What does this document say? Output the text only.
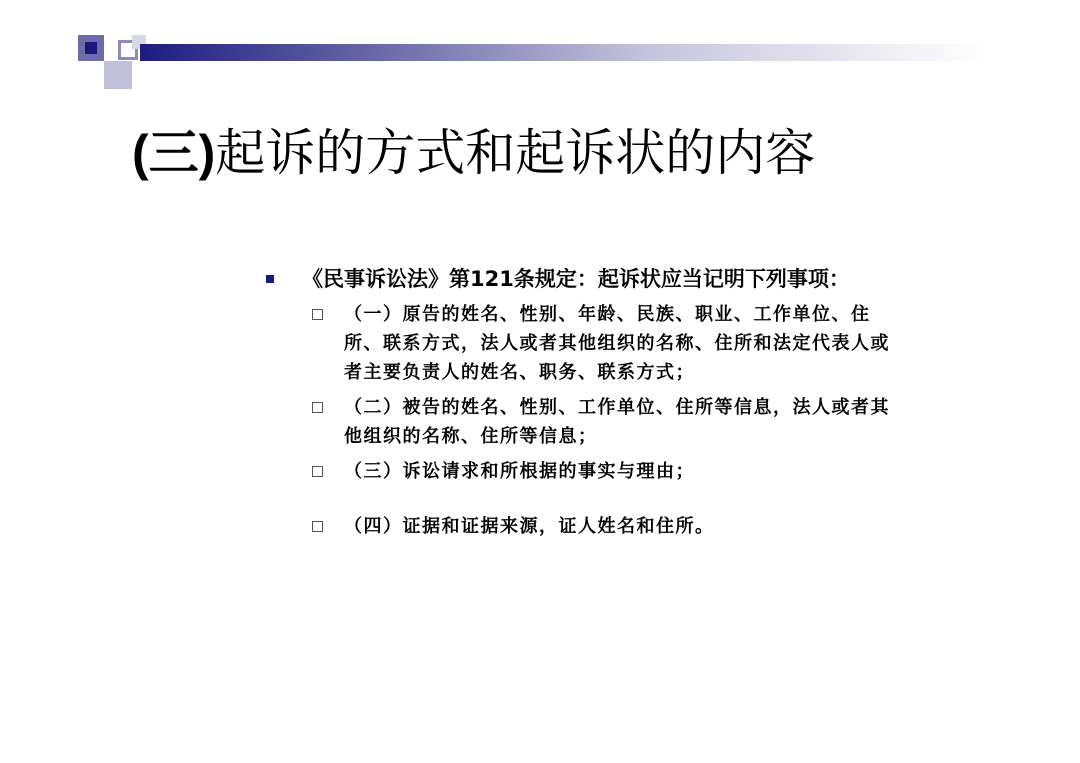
(三)起诉的方式和起诉状的内容
《民事诉讼法》第121条规定：起诉状应当记明下列事项：
（一）原告的姓名、性别、年龄、民族、职业、工作单位、住所、联系方式，法人或者其他组织的名称、住所和法定代表人或者主要负责人的姓名、职务、联系方式；
（二）被告的姓名、性别、工作单位、住所等信息，法人或者其他组织的名称、住所等信息；
（三）诉讼请求和所根据的事实与理由；
（四）证据和证据来源，证人姓名和住所。
